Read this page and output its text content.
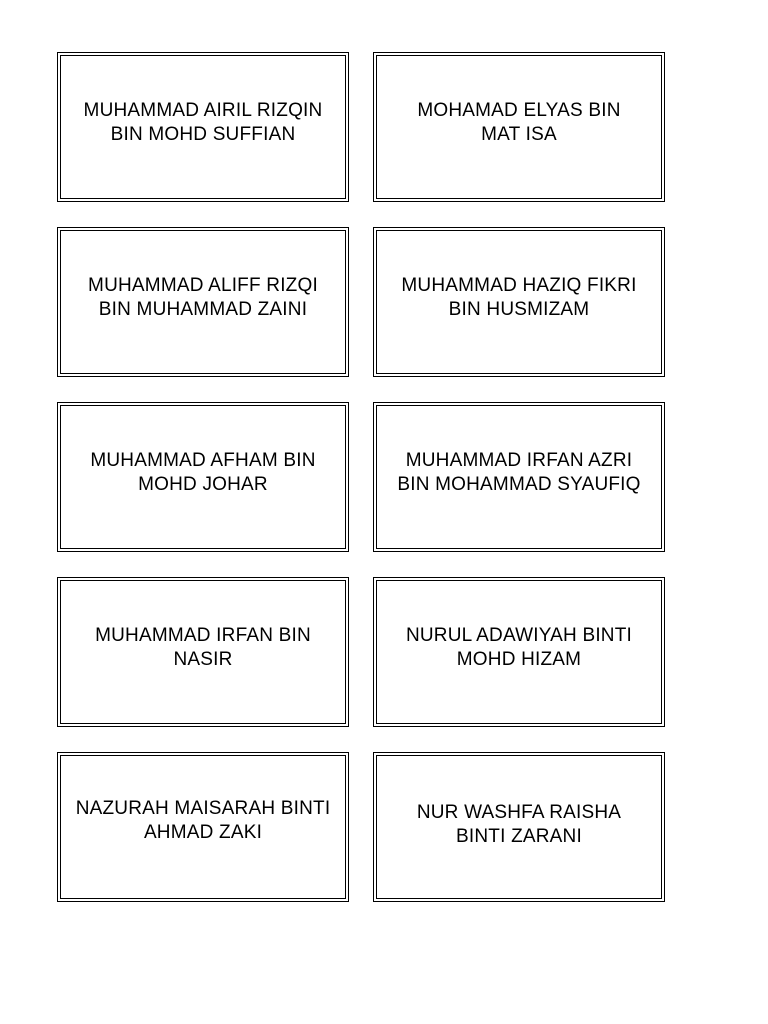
MUHAMMAD AIRIL RIZQIN
BIN MOHD SUFFIAN
MOHAMAD ELYAS BIN
MAT ISA
MUHAMMAD ALIFF RIZQI
BIN MUHAMMAD ZAINI
MUHAMMAD HAZIQ FIKRI
BIN HUSMIZAM
MUHAMMAD AFHAM BIN
MOHD JOHAR
MUHAMMAD IRFAN AZRI
BIN MOHAMMAD SYAUFIQ
MUHAMMAD IRFAN BIN
NASIR
NURUL ADAWIYAH BINTI
MOHD HIZAM
NAZURAH MAISARAH BINTI
AHMAD ZAKI
NUR WASHFA RAISHA
BINTI ZARANI
